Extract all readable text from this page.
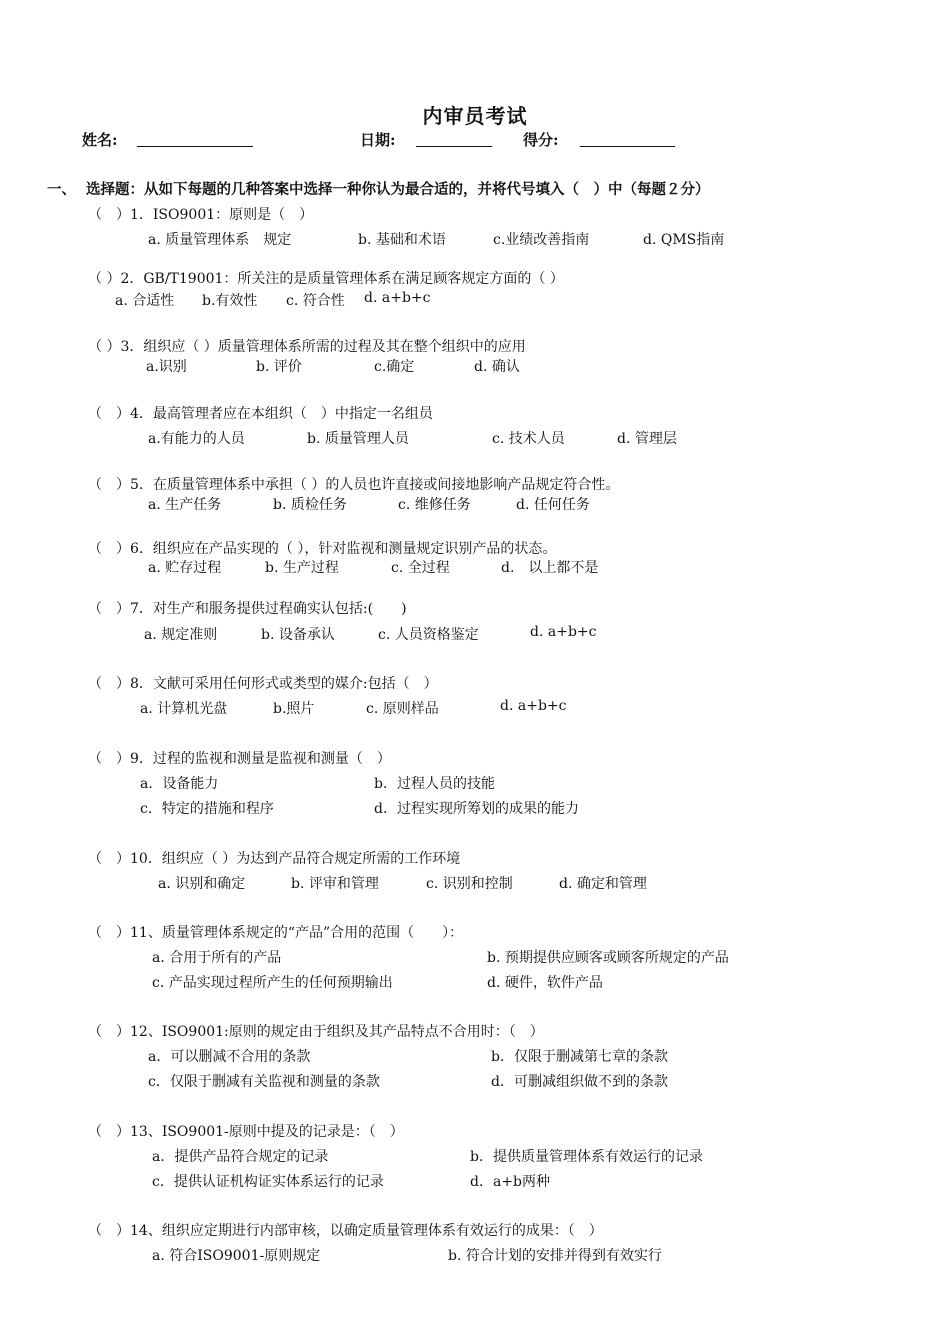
内审员考试
姓名:	日期:	得分:
一、 选择题：从如下每题的几种答案中选择一种你认为最合适的，并将代号填入（　）中（每题２分）
（　）1．ISO9001：原则是（　）
a. 质量管理体系　规定	b. 基础和术语	c.业绩改善指南	d. QMS指南
（ ）2．GB/T19001：所关注的是质量管理体系在满足顾客规定方面的（ ）
a. 合适性 b.有效性 c. 符合性 d. a+b+c
（ ）3．组织应（ ）质量管理体系所需的过程及其在整个组织中的应用
a.识别	b. 评价	c.确定	d. 确认
（　）4．最高管理者应在本组织（　）中指定一名组员
a.有能力的人员	b. 质量管理人员	c. 技术人员	d. 管理层
（　）5．在质量管理体系中承担（ ）的人员也许直接或间接地影响产品规定符合性。
a. 生产任务	b. 质检任务	c. 维修任务	d. 任何任务
（　）6．组织应在产品实现的（ ），针对监视和测量规定识别产品的状态。
a. 贮存过程	b. 生产过程	c. 全过程	d.　以上都不是
（　）7．对生产和服务提供过程确实认包括:(　　)
a. 规定准则	b. 设备承认	c. 人员资格鉴定	d. a+b+c
（　）8．文献可采用任何形式或类型的媒介:包括（　）
a. 计算机光盘	b.照片	c. 原则样品	d. a+b+c
（　）9．过程的监视和测量是监视和测量（　）
a．设备能力	b．过程人员的技能
c．特定的措施和程序	d．过程实现所筹划的成果的能力
（　）10．组织应（ ）为达到产品符合规定所需的工作环境
a. 识别和确定	b. 评审和管理	c. 识别和控制	d. 确定和管理
（　）11、质量管理体系规定的“产品”合用的范围（　　）：
a. 合用于所有的产品	b. 预期提供应顾客或顾客所规定的产品
c. 产品实现过程所产生的任何预期输出	d. 硬件，软件产品
（　）12、ISO9001:原则的规定由于组织及其产品特点不合用时：（　）
a．可以删减不合用的条款	b．仅限于删减第七章的条款
c．仅限于删减有关监视和测量的条款	d．可删减组织做不到的条款
（　）13、ISO9001-原则中提及的记录是：（　）
a．提供产品符合规定的记录	b．提供质量管理体系有效运行的记录
c．提供认证机构证实体系运行的记录	d．a+b两种
（　）14、组织应定期进行内部审核，以确定质量管理体系有效运行的成果：（　）
a. 符合ISO9001-原则规定	b. 符合计划的安排并得到有效实行
